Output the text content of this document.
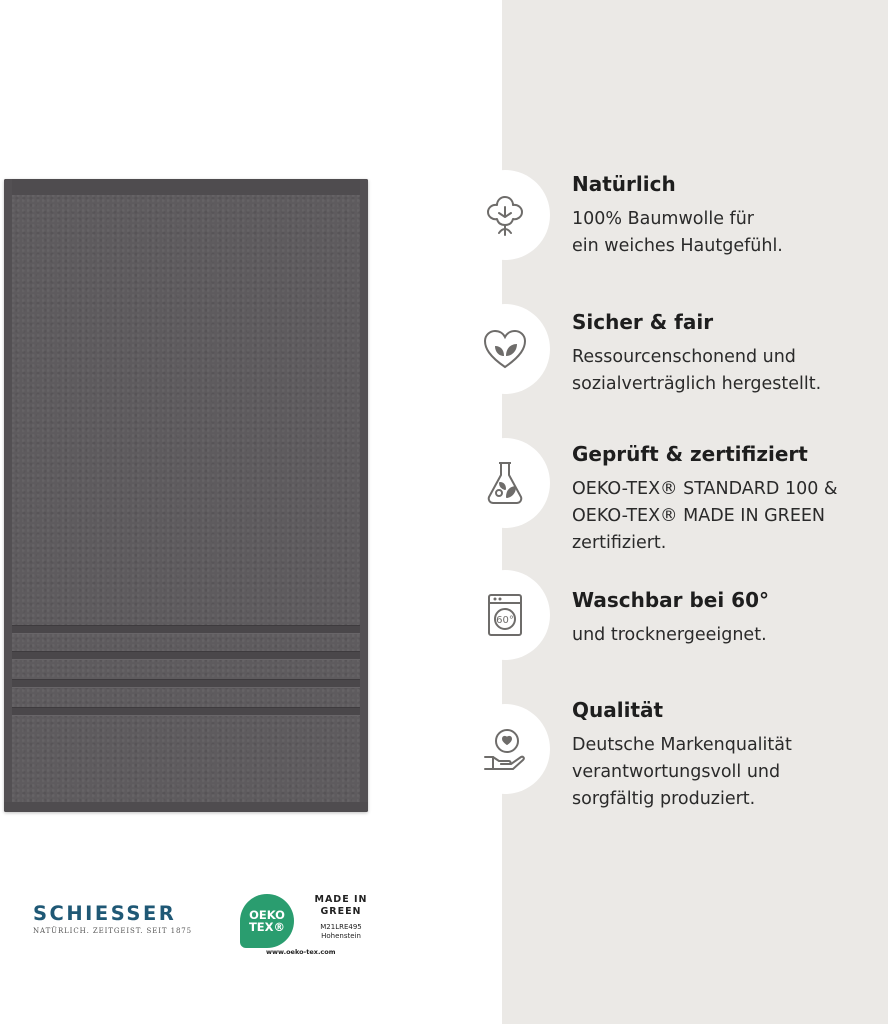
Natürlich

100% Baumwolle für
ein weiches Hautgefühl.

Sicher & fair

Ressourcenschonend und
sozialverträglich hergestellt.

Geprüft & zertifiziert

OEKO-TEX® STANDARD 100 &
OEKO-TEX® MADE IN GREEN
zertifiziert.

60°

Waschbar bei 60°

und trocknergeeignet.

Qualität

Deutsche Markenqualität
verantwortungsvoll und
sorgfältig produziert.

SCHIESSER
NATÜRLICH. ZEITGEIST. SEIT 1875
OEKO
TEX®
MADE IN
GREEN
M21LRE495
Hohenstein
www.oeko-tex.com
